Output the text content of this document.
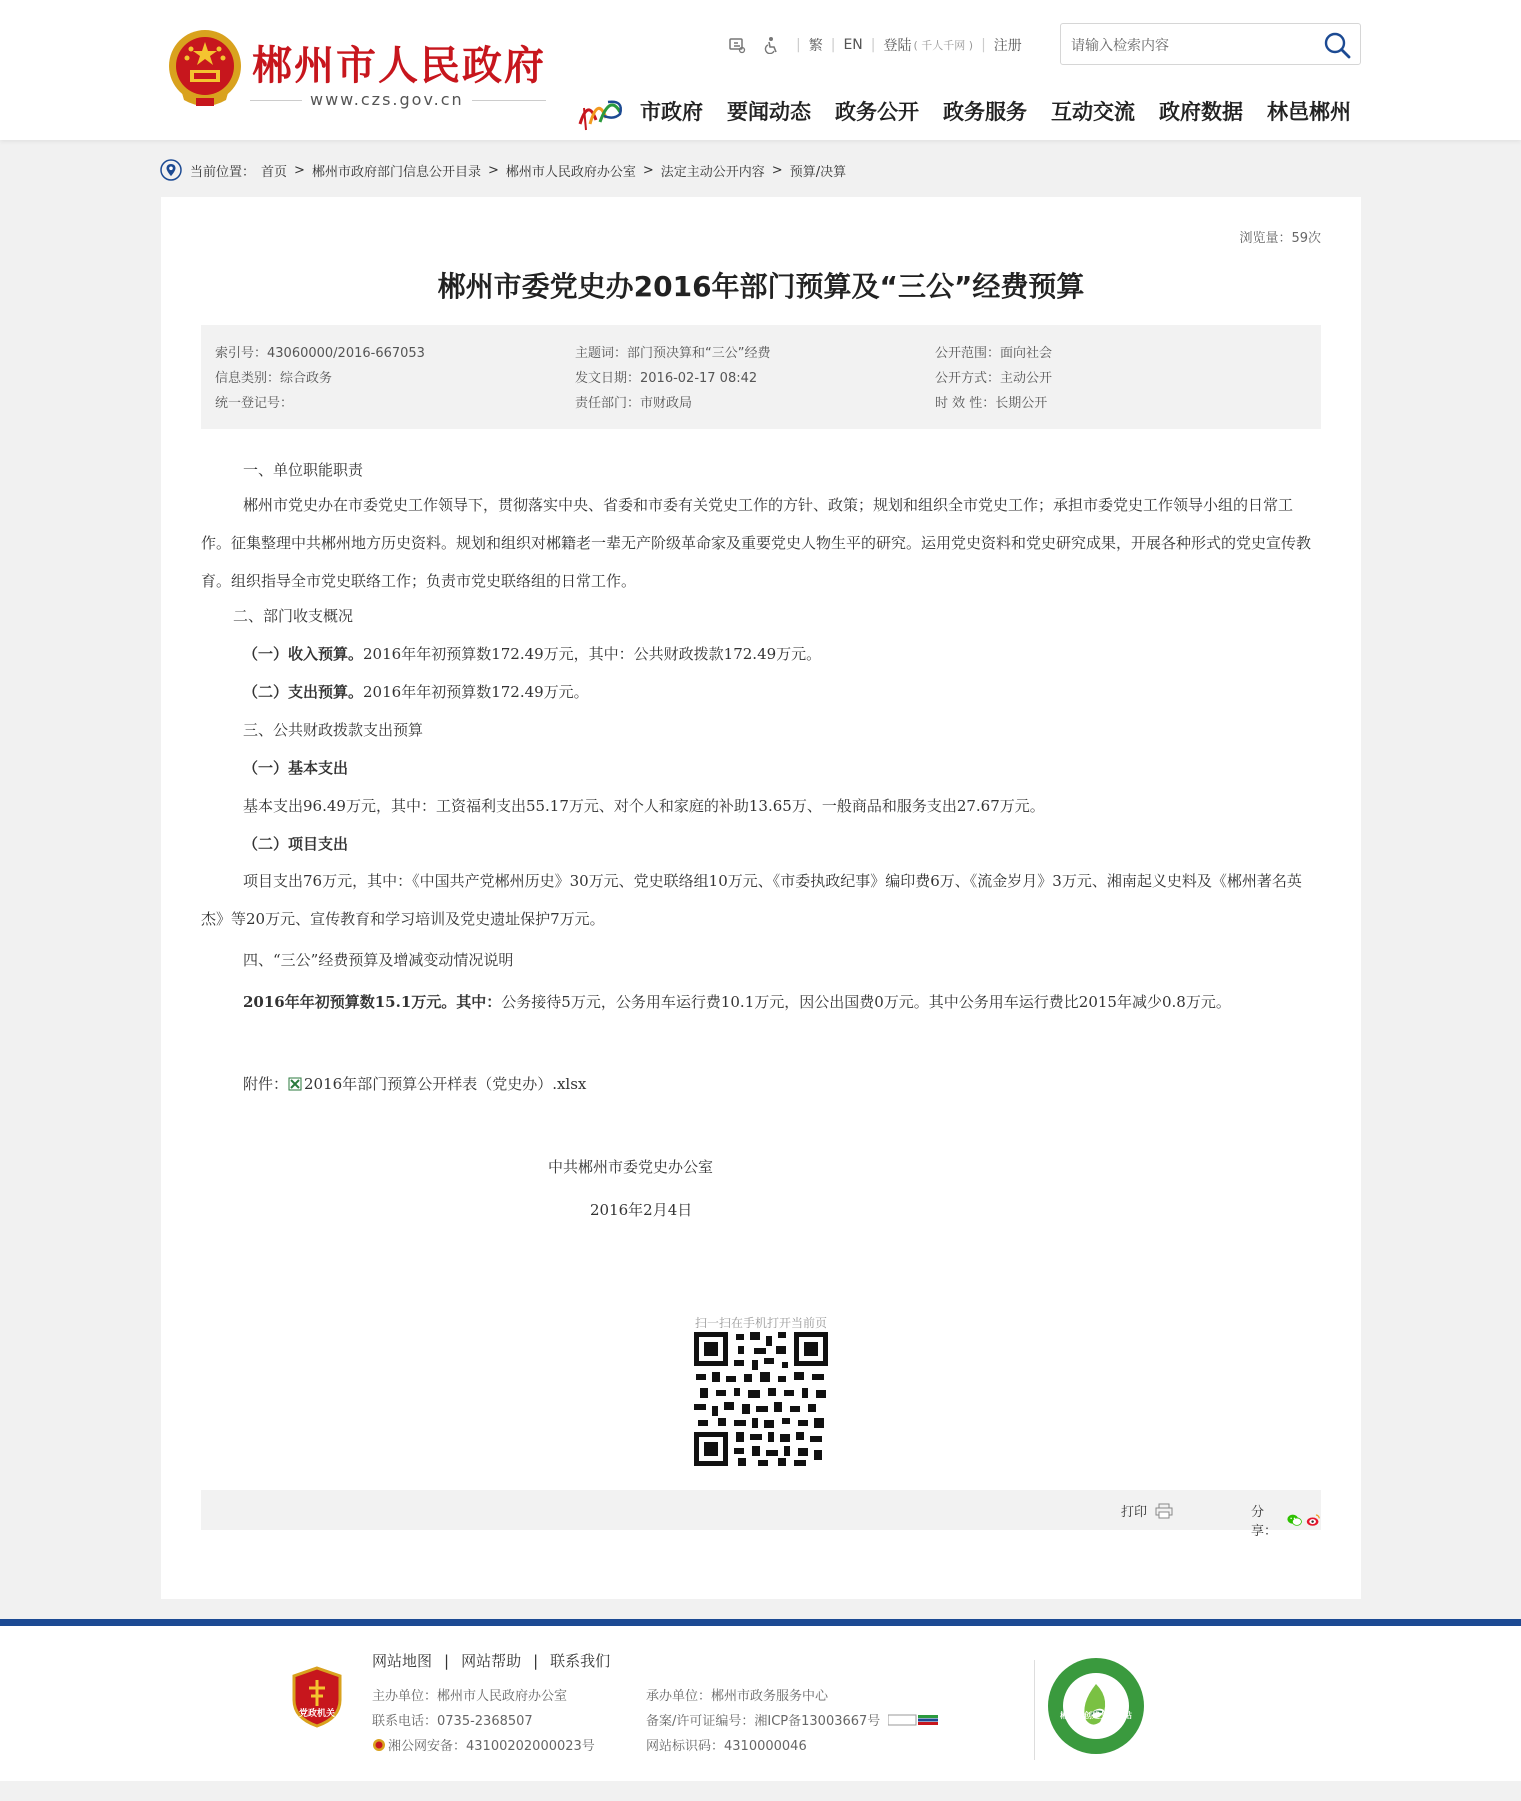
郴州市人民政府
www.czs.gov.cn
| 繁 | EN | 登陆 ( 千人千网 ) | 注册
请输入检索内容
市政府 要闻动态 政务公开 政务服务 互动交流 政府数据 林邑郴州
当前位置： 首页 > 郴州市政府部门信息公开目录 > 郴州市人民政府办公室 > 法定主动公开内容 > 预算/决算
浏览量：59次
郴州市委党史办2016年部门预算及“三公”经费预算
索引号：43060000/2016-667053
信息类别：综合政务
统一登记号：
主题词：部门预决算和“三公”经费
发文日期：2016-02-17 08:42
责任部门：市财政局
公开范围：面向社会
公开方式：主动公开
时 效 性：长期公开
一、单位职能职责
郴州市党史办在市委党史工作领导下，贯彻落实中央、省委和市委有关党史工作的方针、政策；规划和组织全市党史工作；承担市委党史工作领导小组的日常工作。征集整理中共郴州地方历史资料。规划和组织对郴籍老一辈无产阶级革命家及重要党史人物生平的研究。运用党史资料和党史研究成果，开展各种形式的党史宣传教育。组织指导全市党史联络工作；负责市党史联络组的日常工作。
二、部门收支概况
（一）收入预算。2016年年初预算数172.49万元，其中：公共财政拨款172.49万元。
（二）支出预算。2016年年初预算数172.49万元。
三、公共财政拨款支出预算
（一）基本支出
基本支出96.49万元，其中：工资福利支出55.17万元、对个人和家庭的补助13.65万、一般商品和服务支出27.67万元。
（二）项目支出
项目支出76万元，其中：《中国共产党郴州历史》30万元、党史联络组10万元、《市委执政纪事》编印费6万、《流金岁月》3万元、湘南起义史料及《郴州著名英杰》等20万元、宣传教育和学习培训及党史遗址保护7万元。
四、“三公”经费预算及增减变动情况说明
2016年年初预算数15.1万元。其中：公务接待5万元，公务用车运行费10.1万元，因公出国费0万元。其中公务用车运行费比2015年减少0.8万元。
附件： 2016年部门预算公开样表（党史办）.xlsx
中共郴州市委党史办公室
2016年2月4日
扫一扫在手机打开当前页
打印	分享：
党政机关
网站地图 | 网站帮助 | 联系我们
主办单位：郴州市人民政府办公室
联系电话：0735-2368507
湘公网安备：43100202000023号
承办单位：郴州市政务服务中心
备案/许可证编号：湘ICP备13003667号
网站标识码：4310000046
郴州市创建文明网站
